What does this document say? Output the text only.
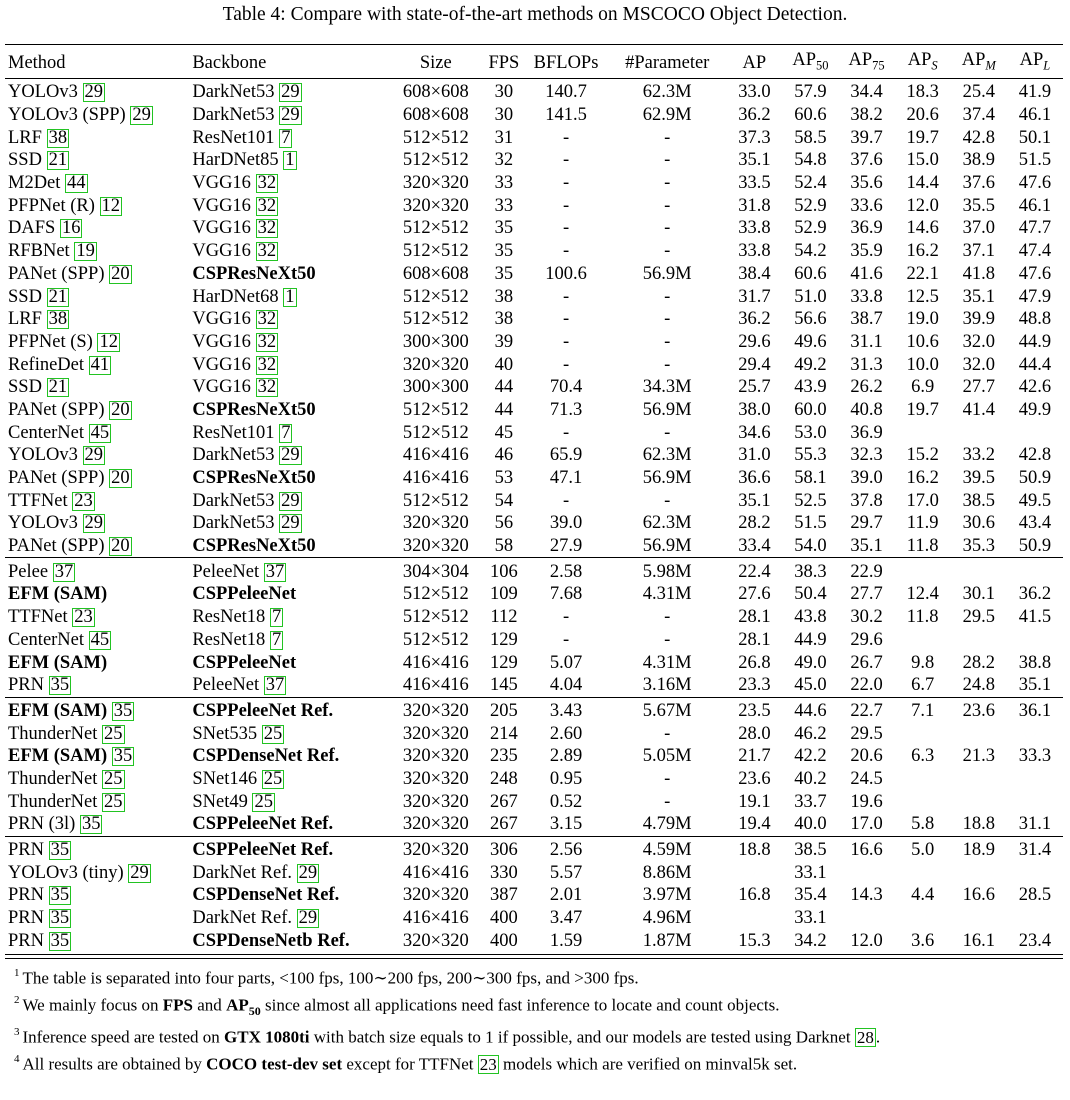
Table 4: Compare with state-of-the-art methods on MSCOCO Object Detection.
Method	Backbone	Size	FPS	BFLOPs	#Parameter	AP	$AP_{50}$	$AP_{75}$	$AP_S$	$AP_M$	$AP_L$
YOLOv3 29	DarkNet53 29	608×608	30	140.7	62.3M	33.0	57.9	34.4	18.3	25.4	41.9
YOLOv3 (SPP) 29	DarkNet53 29	608×608	30	141.5	62.9M	36.2	60.6	38.2	20.6	37.4	46.1
LRF 38	ResNet101 7	512×512	31	-	-	37.3	58.5	39.7	19.7	42.8	50.1
SSD 21	HarDNet85 1	512×512	32	-	-	35.1	54.8	37.6	15.0	38.9	51.5
M2Det 44	VGG16 32	320×320	33	-	-	33.5	52.4	35.6	14.4	37.6	47.6
PFPNet (R) 12	VGG16 32	320×320	33	-	-	31.8	52.9	33.6	12.0	35.5	46.1
DAFS 16	VGG16 32	512×512	35	-	-	33.8	52.9	36.9	14.6	37.0	47.7
RFBNet 19	VGG16 32	512×512	35	-	-	33.8	54.2	35.9	16.2	37.1	47.4
PANet (SPP) 20	CSPResNeXt50	608×608	35	100.6	56.9M	38.4	60.6	41.6	22.1	41.8	47.6
SSD 21	HarDNet68 1	512×512	38	-	-	31.7	51.0	33.8	12.5	35.1	47.9
LRF 38	VGG16 32	512×512	38	-	-	36.2	56.6	38.7	19.0	39.9	48.8
PFPNet (S) 12	VGG16 32	300×300	39	-	-	29.6	49.6	31.1	10.6	32.0	44.9
RefineDet 41	VGG16 32	320×320	40	-	-	29.4	49.2	31.3	10.0	32.0	44.4
SSD 21	VGG16 32	300×300	44	70.4	34.3M	25.7	43.9	26.2	6.9	27.7	42.6
PANet (SPP) 20	CSPResNeXt50	512×512	44	71.3	56.9M	38.0	60.0	40.8	19.7	41.4	49.9
CenterNet 45	ResNet101 7	512×512	45	-	-	34.6	53.0	36.9			
YOLOv3 29	DarkNet53 29	416×416	46	65.9	62.3M	31.0	55.3	32.3	15.2	33.2	42.8
PANet (SPP) 20	CSPResNeXt50	416×416	53	47.1	56.9M	36.6	58.1	39.0	16.2	39.5	50.9
TTFNet 23	DarkNet53 29	512×512	54	-	-	35.1	52.5	37.8	17.0	38.5	49.5
YOLOv3 29	DarkNet53 29	320×320	56	39.0	62.3M	28.2	51.5	29.7	11.9	30.6	43.4
PANet (SPP) 20	CSPResNeXt50	320×320	58	27.9	56.9M	33.4	54.0	35.1	11.8	35.3	50.9
Pelee 37	PeleeNet 37	304×304	106	2.58	5.98M	22.4	38.3	22.9			
EFM (SAM)	CSPPeleeNet	512×512	109	7.68	4.31M	27.6	50.4	27.7	12.4	30.1	36.2
TTFNet 23	ResNet18 7	512×512	112	-	-	28.1	43.8	30.2	11.8	29.5	41.5
CenterNet 45	ResNet18 7	512×512	129	-	-	28.1	44.9	29.6			
EFM (SAM)	CSPPeleeNet	416×416	129	5.07	4.31M	26.8	49.0	26.7	9.8	28.2	38.8
PRN 35	PeleeNet 37	416×416	145	4.04	3.16M	23.3	45.0	22.0	6.7	24.8	35.1
EFM (SAM) 35	CSPPeleeNet Ref.	320×320	205	3.43	5.67M	23.5	44.6	22.7	7.1	23.6	36.1
ThunderNet 25	SNet535 25	320×320	214	2.60	-	28.0	46.2	29.5			
EFM (SAM) 35	CSPDenseNet Ref.	320×320	235	2.89	5.05M	21.7	42.2	20.6	6.3	21.3	33.3
ThunderNet 25	SNet146 25	320×320	248	0.95	-	23.6	40.2	24.5			
ThunderNet 25	SNet49 25	320×320	267	0.52	-	19.1	33.7	19.6			
PRN (3l) 35	CSPPeleeNet Ref.	320×320	267	3.15	4.79M	19.4	40.0	17.0	5.8	18.8	31.1
PRN 35	CSPPeleeNet Ref.	320×320	306	2.56	4.59M	18.8	38.5	16.6	5.0	18.9	31.4
YOLOv3 (tiny) 29	DarkNet Ref. 29	416×416	330	5.57	8.86M		33.1				
PRN 35	CSPDenseNet Ref.	320×320	387	2.01	3.97M	16.8	35.4	14.3	4.4	16.6	28.5
PRN 35	DarkNet Ref. 29	416×416	400	3.47	4.96M		33.1				
PRN 35	CSPDenseNetb Ref.	320×320	400	1.59	1.87M	15.3	34.2	12.0	3.6	16.1	23.4
$^1$ The table is separated into four parts, <100 fps, 100∼200 fps, 200∼300 fps, and >300 fps.
$^2$ We mainly focus on FPS and $AP_{50}$ since almost all applications need fast inference to locate and count objects.
$^3$ Inference speed are tested on GTX 1080ti with batch size equals to 1 if possible, and our models are tested using Darknet 28 .
$^4$ All results are obtained by COCO test-dev set except for TTFNet 23 models which are verified on minval5k set.
